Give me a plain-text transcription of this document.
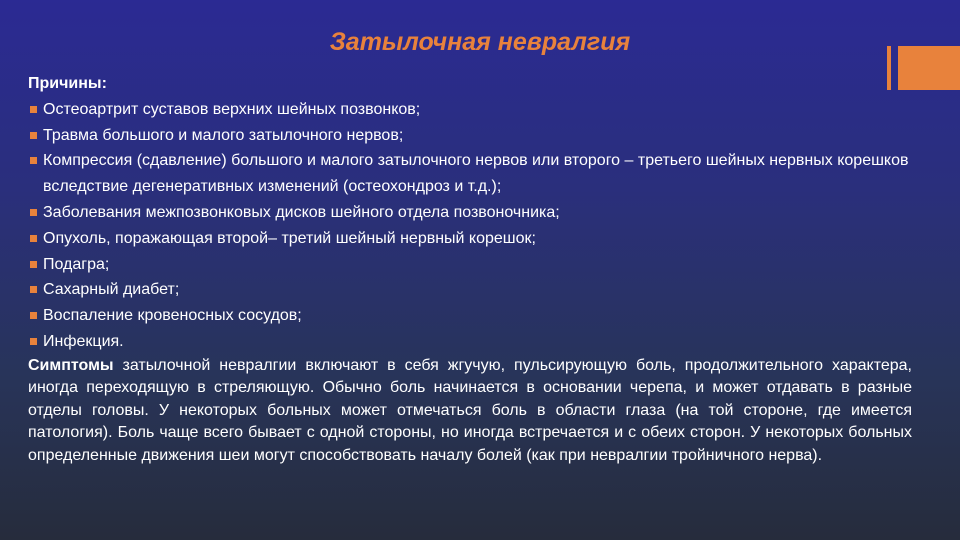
Затылочная невралгия
Причины:
Остеоартрит суставов верхних шейных позвонков;
Травма большого и малого затылочного нервов;
Компрессия (сдавление) большого и малого затылочного нервов или второго – третьего шейных нервных корешков вследствие дегенеративных изменений (остеохондроз и т.д.);
Заболевания межпозвонковых дисков шейного отдела позвоночника;
Опухоль, поражающая второй– третий шейный нервный корешок;
Подагра;
Сахарный диабет;
Воспаление кровеносных сосудов;
Инфекция.

Симптомы затылочной невралгии включают в себя жгучую, пульсирующую боль, продолжительного характера, иногда переходящую в стреляющую. Обычно боль начинается в основании черепа, и может отдавать в разные отделы головы. У некоторых больных может отмечаться боль в области глаза (на той стороне, где имеется патология). Боль чаще всего бывает с одной стороны, но иногда встречается и с обеих сторон. У некоторых больных определенные движения шеи могут способствовать началу болей (как при невралгии тройничного нерва).
